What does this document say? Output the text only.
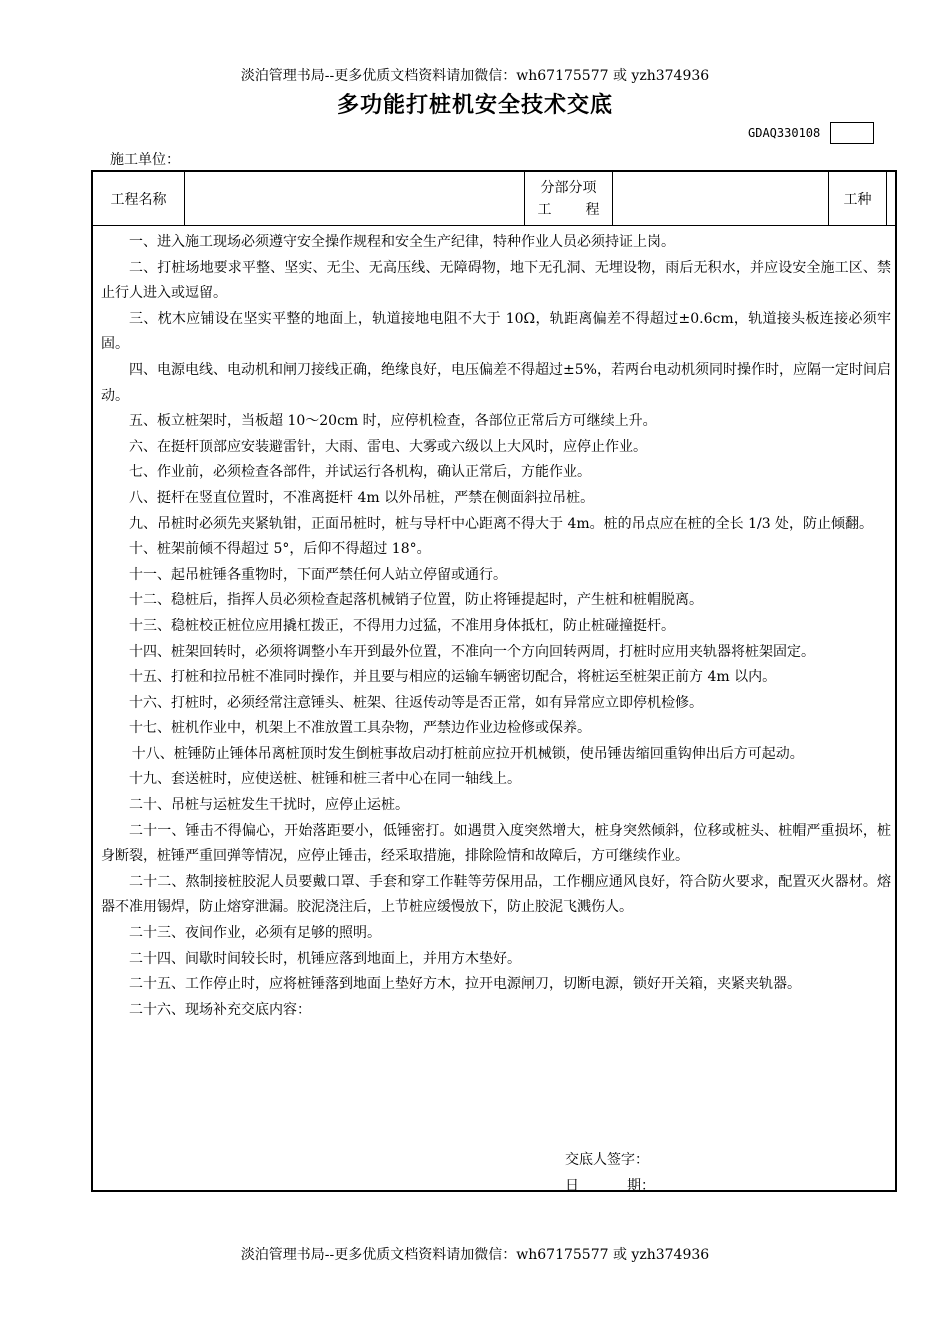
淡泊管理书局--更多优质文档资料请加微信：wh67175577 或 yzh374936
多功能打桩机安全技术交底
GDAQ330108
施工单位：
工程名称
分部分项
工 程
工种

一、进入施工现场必须遵守安全操作规程和安全生产纪律，特种作业人员必须持证上岗。

二、打桩场地要求平整、坚实、无尘、无高压线、无障碍物，地下无孔洞、无埋设物，雨后无积水，并应设安全施工区、禁止行人进入或逗留。

三、枕木应铺设在坚实平整的地面上，轨道接地电阻不大于 10Ω，轨距离偏差不得超过±0.6cm，轨道接头板连接必须牢固。

四、电源电线、电动机和闸刀接线正确，绝缘良好，电压偏差不得超过±5%，若两台电动机须同时操作时，应隔一定时间启动。

五、板立桩架时，当板超 10～20cm 时，应停机检查，各部位正常后方可继续上升。

六、在挺杆顶部应安装避雷针，大雨、雷电、大雾或六级以上大风时，应停止作业。

七、作业前，必须检查各部件，并试运行各机构，确认正常后，方能作业。

八、挺杆在竖直位置时，不准离挺杆 4m 以外吊桩，严禁在侧面斜拉吊桩。

九、吊桩时必须先夹紧轨钳，正面吊桩时，桩与导杆中心距离不得大于 4m。桩的吊点应在桩的全长 1/3 处，防止倾翻。

十、桩架前倾不得超过 5°，后仰不得超过 18°。

十一、起吊桩锤各重物时，下面严禁任何人站立停留或通行。

十二、稳桩后，指挥人员必须检查起落机械销子位置，防止将锤提起时，产生桩和桩帽脱离。

十三、稳桩校正桩位应用撬杠拨正，不得用力过猛，不准用身体抵杠，防止桩碰撞挺杆。

十四、桩架回转时，必须将调整小车开到最外位置，不准向一个方向回转两周，打桩时应用夹轨器将桩架固定。

十五、打桩和拉吊桩不准同时操作，并且要与相应的运输车辆密切配合，将桩运至桩架正前方 4m 以内。

十六、打桩时，必须经常注意锤头、桩架、往返传动等是否正常，如有异常应立即停机检修。

十七、桩机作业中，机架上不准放置工具杂物，严禁边作业边检修或保养。

十八、桩锤防止锤体吊离桩顶时发生倒桩事故启动打桩前应拉开机械锁，使吊锤齿缩回重钩伸出后方可起动。

十九、套送桩时，应使送桩、桩锤和桩三者中心在同一轴线上。

二十、吊桩与运桩发生干扰时，应停止运桩。

二十一、锤击不得偏心，开始落距要小，低锤密打。如遇贯入度突然增大，桩身突然倾斜，位移或桩头、桩帽严重损坏，桩身断裂，桩锤严重回弹等情况，应停止锤击，经采取措施，排除险情和故障后，方可继续作业。

二十二、熬制接桩胶泥人员要戴口罩、手套和穿工作鞋等劳保用品，工作棚应通风良好，符合防火要求，配置灭火器材。熔器不准用锡焊，防止熔穿泄漏。胶泥浇注后，上节桩应缓慢放下，防止胶泥飞溅伤人。

二十三、夜间作业，必须有足够的照明。

二十四、间歇时间较长时，机锤应落到地面上，并用方木垫好。

二十五、工作停止时，应将桩锤落到地面上垫好方木，拉开电源闸刀，切断电源，锁好开关箱，夹紧夹轨器。

二十六、现场补充交底内容：

交底人签字：
日	期：
淡泊管理书局--更多优质文档资料请加微信：wh67175577 或 yzh374936
